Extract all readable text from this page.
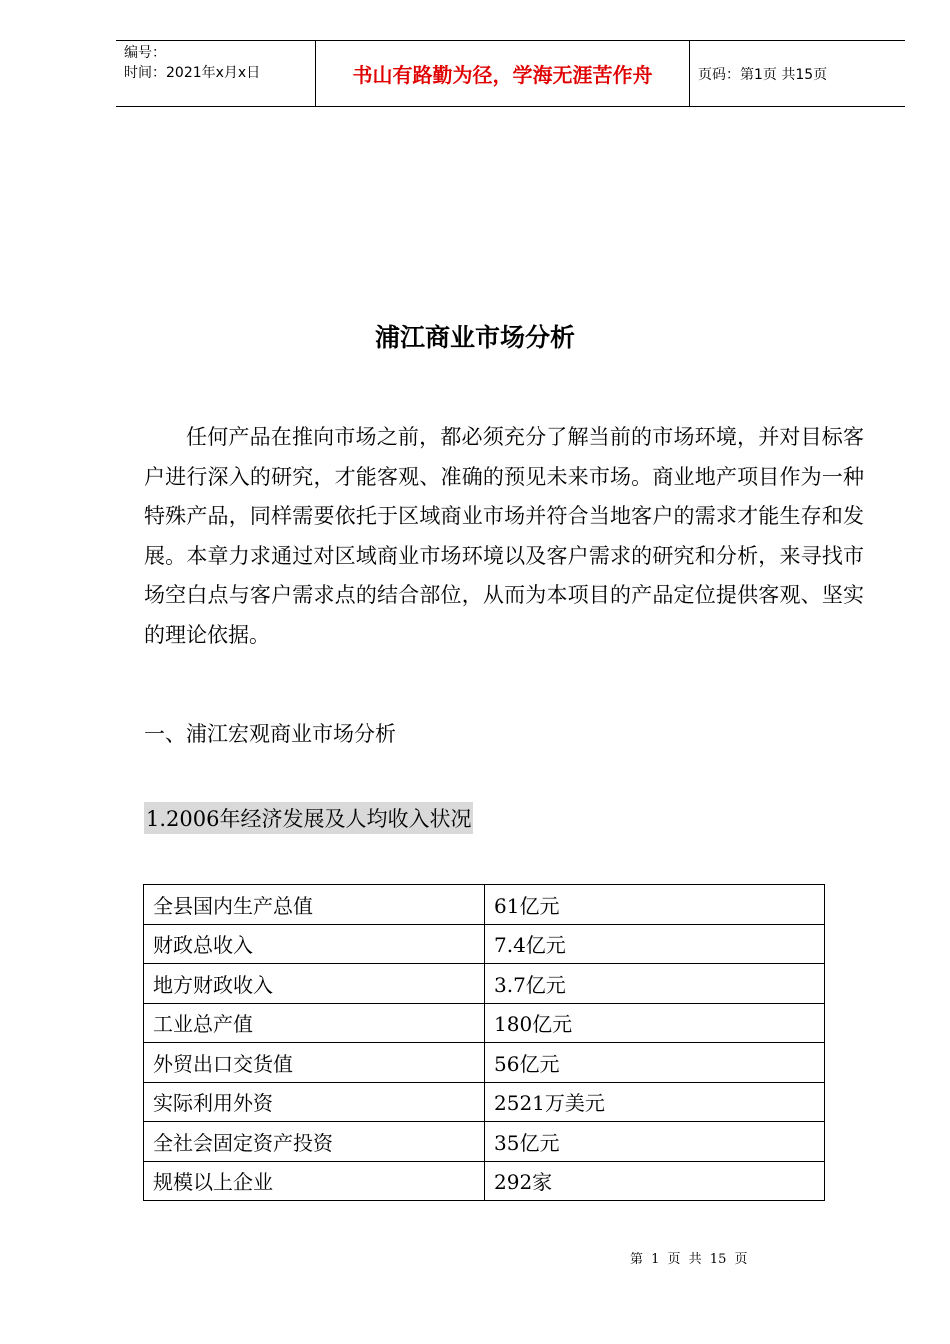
编号：
时间：2021年x月x日	书山有路勤为径，学海无涯苦作舟	页码：第1页 共15页
浦江商业市场分析

任何产品在推向市场之前，都必须充分了解当前的市场环境，并对目标客户进行深入的研究，才能客观、准确的预见未来市场。商业地产项目作为一种特殊产品，同样需要依托于区域商业市场并符合当地客户的需求才能生存和发展。本章力求通过对区域商业市场环境以及客户需求的研究和分析，来寻找市场空白点与客户需求点的结合部位，从而为本项目的产品定位提供客观、坚实的理论依据。

一、浦江宏观商业市场分析
1.2006年经济发展及人均收入状况
全县国内生产总值	61亿元
财政总收入	7.4亿元
地方财政收入	3.7亿元
工业总产值	180亿元
外贸出口交货值	56亿元
实际利用外资	2521万美元
全社会固定资产投资	35亿元
规模以上企业	292家
第 1 页 共 15 页
